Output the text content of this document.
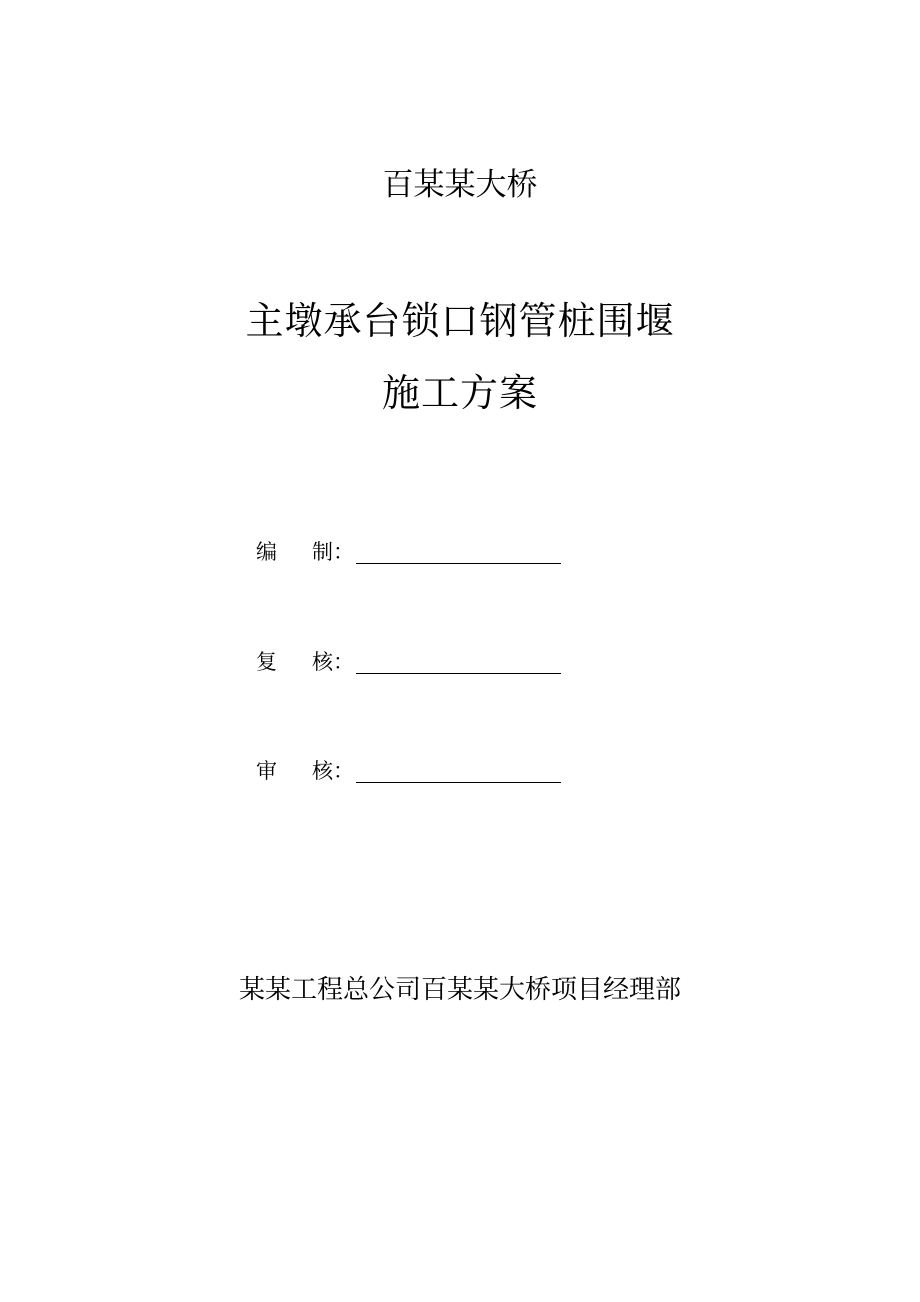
百某某大桥
主墩承台锁口钢管桩围堰
施工方案
编 制：
复 核：
审 核：
某某工程总公司百某某大桥项目经理部
